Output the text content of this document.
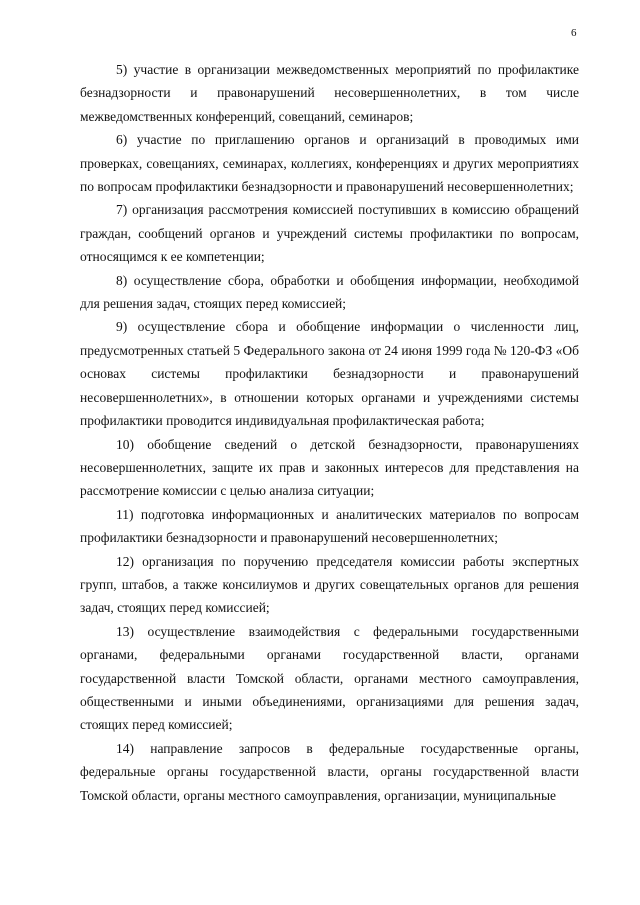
6

5) участие в организации межведомственных мероприятий по профилактике безнадзорности и правонарушений несовершеннолетних, в том числе межведомственных конференций, совещаний, семинаров;

6) участие по приглашению органов и организаций в проводимых ими проверках, совещаниях, семинарах, коллегиях, конференциях и других мероприятиях по вопросам профилактики безнадзорности и правонарушений несовершеннолетних;

7) организация рассмотрения комиссией поступивших в комиссию обращений граждан, сообщений органов и учреждений системы профилактики по вопросам, относящимся к ее компетенции;

8) осуществление сбора, обработки и обобщения информации, необходимой для решения задач, стоящих перед комиссией;

9) осуществление сбора и обобщение информации о численности лиц, предусмотренных статьей 5 Федерального закона от 24 июня 1999 года № 120-ФЗ «Об основах системы профилактики безнадзорности и правонарушений несовершеннолетних», в отношении которых органами и учреждениями системы профилактики проводится индивидуальная профилактическая работа;

10) обобщение сведений о детской безнадзорности, правонарушениях несовершеннолетних, защите их прав и законных интересов для представления на рассмотрение комиссии с целью анализа ситуации;

11) подготовка информационных и аналитических материалов по вопросам профилактики безнадзорности и правонарушений несовершеннолетних;

12) организация по поручению председателя комиссии работы экспертных групп, штабов, а также консилиумов и других совещательных органов для решения задач, стоящих перед комиссией;

13) осуществление взаимодействия с федеральными государственными органами, федеральными органами государственной власти, органами государственной власти Томской области, органами местного самоуправления, общественными и иными объединениями, организациями для решения задач, стоящих перед комиссией;

14) направление запросов в федеральные государственные органы, федеральные органы государственной власти, органы государственной власти Томской области, органы местного самоуправления, организации, муниципальные
